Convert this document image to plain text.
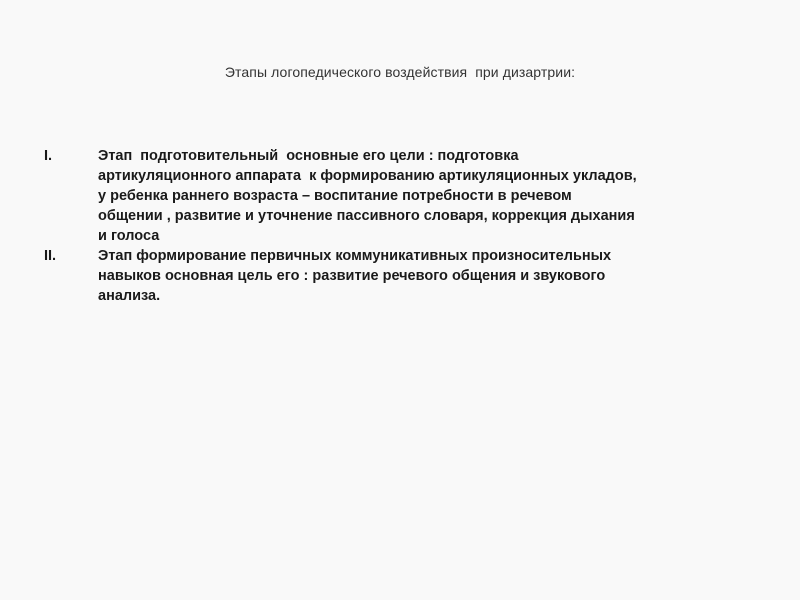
Этапы логопедического воздействия  при дизартрии:
I.	Этап  подготовительный  основные его цели : подготовка
артикуляционного аппарата  к формированию артикуляционных укладов,
у ребенка раннего возраста – воспитание потребности в речевом
общении , развитие и уточнение пассивного словаря, коррекция дыхания
и голоса
II.	Этап формирование первичных коммуникативных произносительных
навыков основная цель его : развитие речевого общения и звукового
анализа.
